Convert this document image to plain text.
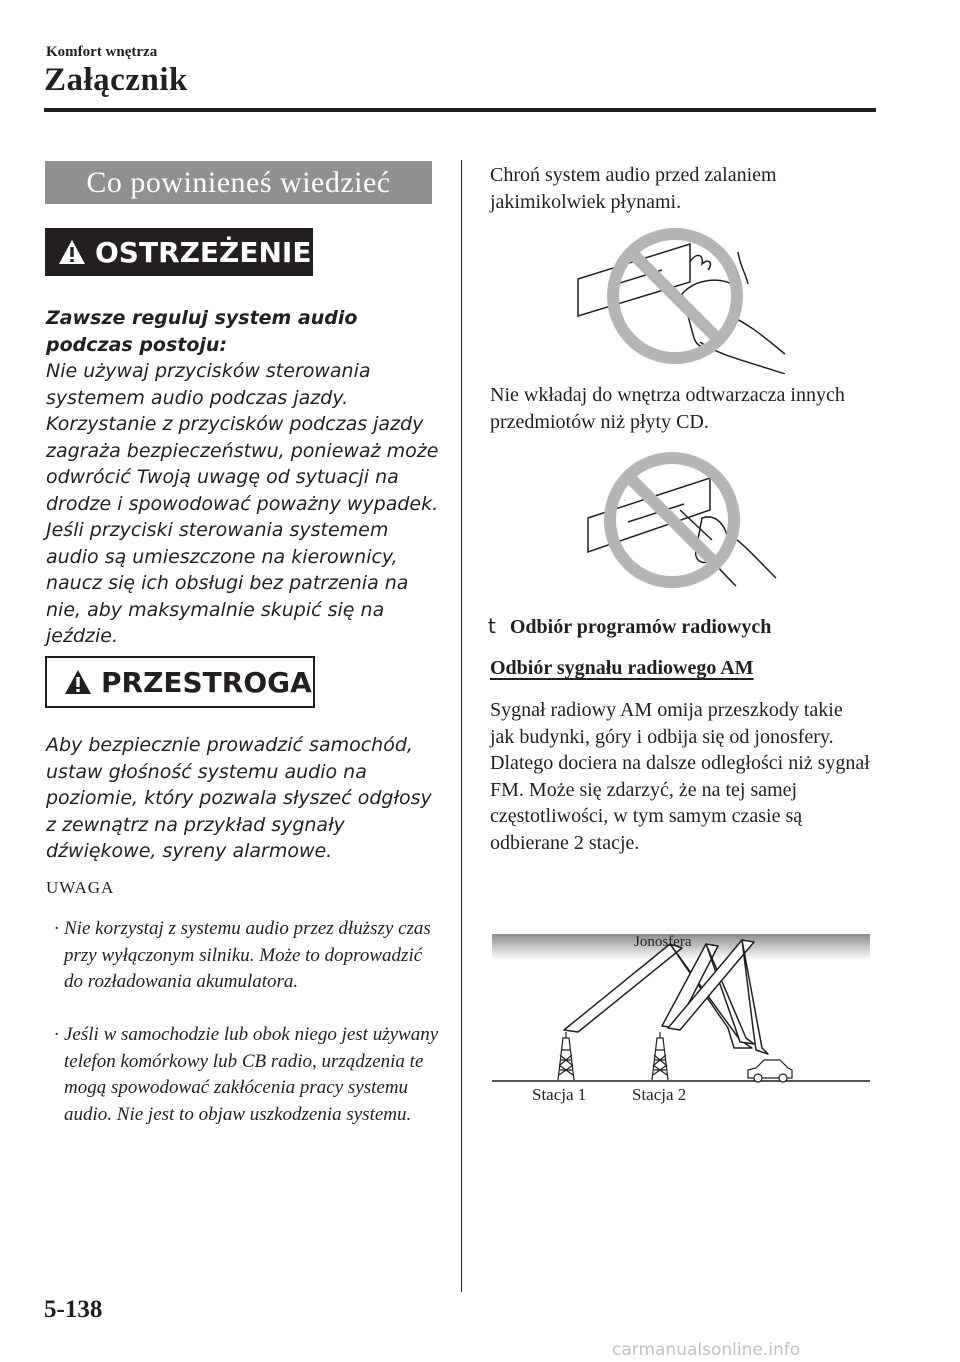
Komfort wnętrza
Załącznik
Co powinieneś wiedzieć
OSTRZEŻENIE
Zawsze reguluj system audio podczas postoju:
Nie używaj przycisków sterowania systemem audio podczas jazdy. Korzystanie z przycisków podczas jazdy zagraża bezpieczeństwu, ponieważ może odwrócić Twoją uwagę od sytuacji na drodze i spowodować poważny wypadek. Jeśli przyciski sterowania systemem audio są umieszczone na kierownicy, naucz się ich obsługi bez patrzenia na nie, aby maksymalnie skupić się na jeździe.
PRZESTROGA
Aby bezpiecznie prowadzić samochód, ustaw głośność systemu audio na poziomie, który pozwala słyszeć odgłosy z zewnątrz na przykład sygnały dźwiękowe, syreny alarmowe.
UWAGA
· Nie korzystaj z systemu audio przez dłuższy czas przy wyłączonym silniku. Może to doprowadzić do rozładowania akumulatora.
· Jeśli w samochodzie lub obok niego jest używany telefon komórkowy lub CB radio, urządzenia te mogą spowodować zakłócenia pracy systemu audio. Nie jest to objaw uszkodzenia systemu.
Chroń system audio przed zalaniem jakimikolwiek płynami.
Nie wkładaj do wnętrza odtwarzacza innych przedmiotów niż płyty CD.
t Odbiór programów radiowych
Odbiór sygnału radiowego AM
Sygnał radiowy AM omija przeszkody takie jak budynki, góry i odbija się od jonosfery. Dlatego dociera na dalsze odległości niż sygnał FM. Może się zdarzyć, że na tej samej częstotliwości, w tym samym czasie są odbierane 2 stacje.
Jonosfera
Stacja 1	Stacja 2
5-138
carmanualsonline.info
